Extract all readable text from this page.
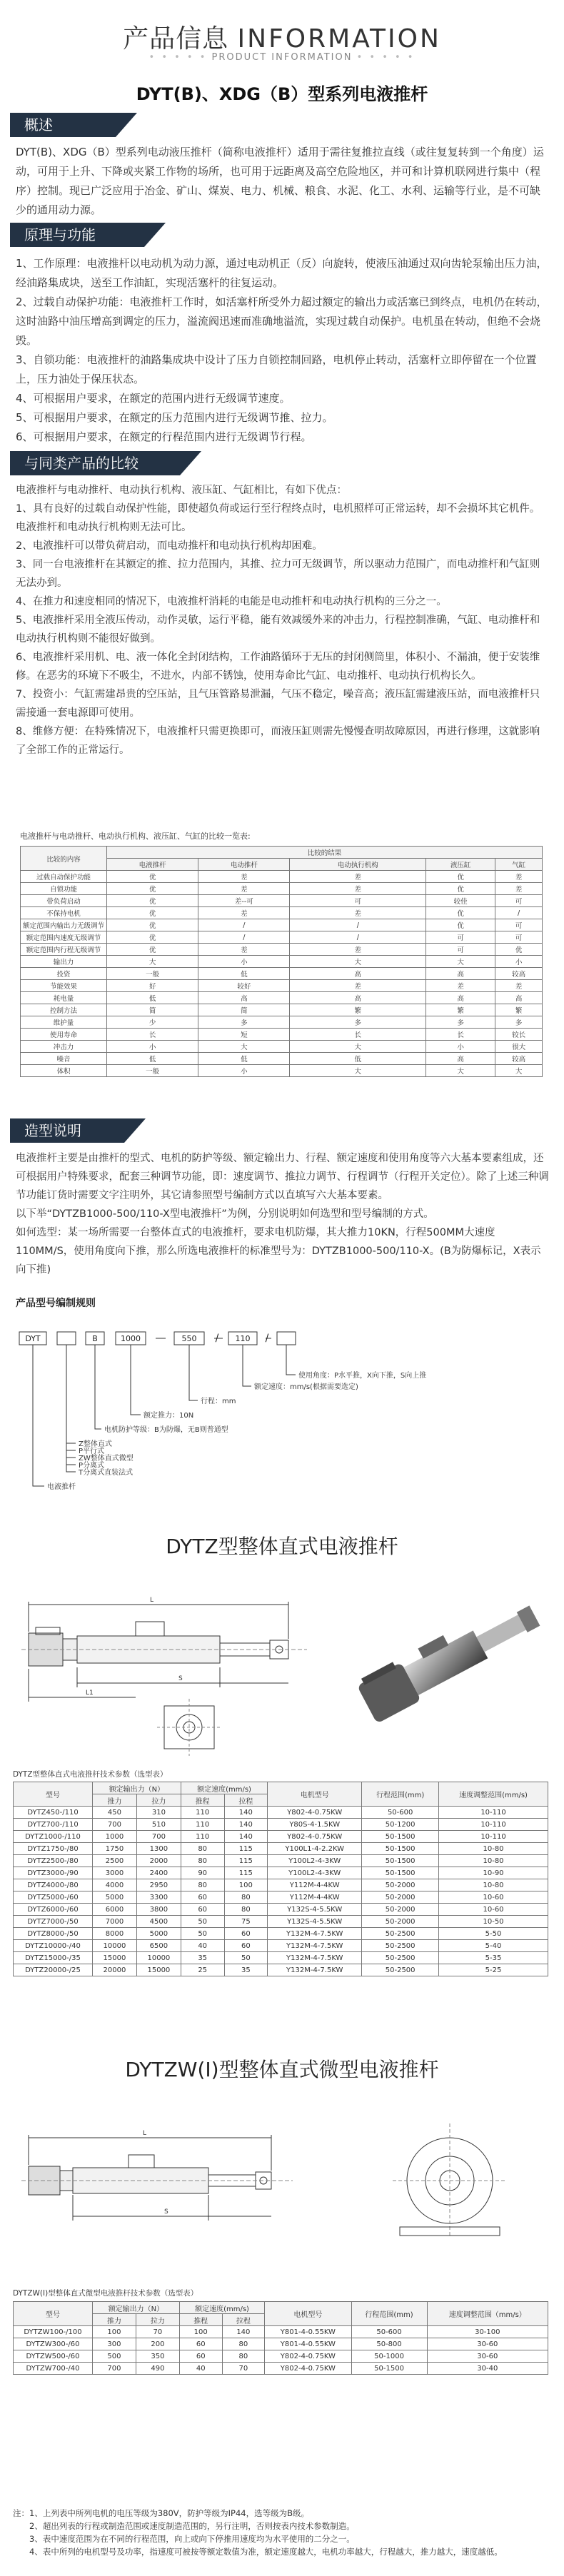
产品信息 INFORMATION
• • • • • PRODUCT INFORMATION • • • • •
DYT(B)、XDG（B）型系列电液推杆
概述

DYT(B)、XDG（B）型系列电动液压推杆（简称电液推杆）适用于需往复推拉直线（或往复复转到一个角度）运动，可用于上升、下降或夹紧工作物的场所，也可用于远距离及高空危险地区，并可和计算机联网进行集中（程序）控制。现已广泛应用于冶金、矿山、煤炭、电力、机械、粮食、水泥、化工、水利、运输等行业，是不可缺少的通用动力源。

原理与功能

1、工作原理：电液推杆以电动机为动力源，通过电动机正（反）向旋转，使液压油通过双向齿轮泵输出压力油，经油路集成块，送至工作油缸，实现活塞杆的往复运动。

2、过载自动保护功能：电液推杆工作时，如活塞杆所受外力超过额定的输出力或活塞已到终点，电机仍在转动，这时油路中油压增高到调定的压力，溢流阀迅速而准确地溢流，实现过载自动保护。电机虽在转动，但绝不会烧毁。

3、自锁功能：电液推杆的油路集成块中设计了压力自锁控制回路，电机停止转动，活塞杆立即停留在一个位置上，压力油处于保压状态。

4、可根据用户要求，在额定的范围内进行无级调节速度。

5、可根据用户要求，在额定的压力范围内进行无级调节推、拉力。

6、可根据用户要求，在额定的行程范围内进行无级调节行程。

与同类产品的比较

电液推杆与电动推杆、电动执行机构、液压缸、气缸相比，有如下优点：

1、具有良好的过载自动保护性能，即使超负荷或运行至行程终点时，电机照样可正常运转，却不会损坏其它机件。电液推杆和电动执行机构则无法可比。

2、电液推杆可以带负荷启动，而电动推杆和电动执行机构却困难。

3、同一台电液推杆在其额定的推、拉力范围内，其推、拉力可无级调节，所以驱动力范围广，而电动推杆和气缸则无法办到。

4、在推力和速度相同的情况下，电液推杆消耗的电能是电动推杆和电动执行机构的三分之一。

5、电液推杆采用全液压传动，动作灵敏，运行平稳，能有效减缓外来的冲击力，行程控制准确，气缸、电动推杆和电动执行机构则不能很好做到。

6、电液推杆采用机、电、液一体化全封闭结构，工作油路循环于无压的封闭侧筒里，体积小、不漏油，便于安装维修。在恶劣的环境下不吸尘，不进水，内部不锈蚀，使用寿命比气缸、电动推杆、电动执行机构长久。

7、投资小：气缸需建昂贵的空压站，且气压管路易泄漏，气压不稳定，噪音高；液压缸需建液压站，而电液推杆只需接通一套电源即可使用。

8、维修方便：在特殊情况下，电液推杆只需更换即可，而液压缸则需先慢慢查明故障原因，再进行修理，这就影响了全部工作的正常运行。

电液推杆与电动推杆、电动执行机构、液压缸、气缸的比较一览表:
比较的内容	比较的结果				
	电液推杆	电动推杆	电动执行机构	液压缸	气缸
过载自动保护功能	优	差	差	优	差
自锁功能	优	差	差	优	差
带负荷启动	优	差--可	可	较佳	可
不保持电机	优	差	差	优	/
额定范围内输出力无级调节	优	/	/	优	可
额定范围内速度无级调节	优	/	/	可	可
额定范围内行程无级调节	优	差	差	可	优
输出力	大	小	大	大	小
投资	一般	低	高	高	较高
节能效果	好	较好	差	差	差
耗电量	低	高	高	高	高
控制方法	简	简	繁	繁	繁
维护量	少	多	多	多	多
使用寿命	长	短	长	长	较长
冲击力	小	大	大	小	很大
噪音	低	低	低	高	较高
体积	一般	小	大	大	大
造型说明

电液推杆主要是由推杆的型式、电机的防护等级、额定输出力、行程、额定速度和使用角度等六大基本要素组成，还可根据用户特殊要求，配套三种调节功能，即：速度调节、推拉力调节、行程调节（行程开关定位）。除了上述三种调节功能订货时需要文字注明外，其它请参照型号编制方式以直填写六大基本要素。

以下举“DYTZB1000-500/110-X型电液推杆”为例，分别说明如何选型和型号编制的方式。

如何选型：某一场所需要一台整体直式的电液推杆，要求电机防爆，其大推力10KN，行程500MM大速度110MM/S，使用角度向下推，那么所选电液推杆的标准型号为：DYTZB1000-500/110-X。(B为防爆标记，X表示向下推)

产品型号编制规则
DYT	B	1000	550	110
/	/
使用角度：P水平推，X向下推，S向上推
额定速度：mm/s(根据需要选定)
行程：mm
额定推力：10N
电机防护等级：B为防爆，无B则普通型
Z整体直式
P平行式
ZW整体直式微型
P分离式
T分离式直装法式
电液推杆
DYTZ型整体直式电液推杆
L
S
L1
DYTZ型整体直式电液推杆技术参数（选型表）
型号	额定输出力（N）		额定速度(mm/s)		电机型号	行程范围(mm)	速度调整范围(mm/s)
	推力	拉力	推程	拉程			
DYTZ450-/110	450	310	110	140	Y802-4-0.75KW	50-600	10-110
DYTZ700-/110	700	510	110	140	Y80S-4-1.5KW	50-1200	10-110
DYTZ1000-/110	1000	700	110	140	Y802-4-0.75KW	50-1500	10-110
DYTZ1750-/80	1750	1300	80	115	Y100L1-4-2.2KW	50-1500	10-80
DYTZ2500-/80	2500	2000	80	115	Y100L2-4-3KW	50-1500	10-80
DYTZ3000-/90	3000	2400	90	115	Y100L2-4-3KW	50-1500	10-90
DYTZ4000-/80	4000	2950	80	100	Y112M-4-4KW	50-2000	10-80
DYTZ5000-/60	5000	3300	60	80	Y112M-4-4KW	50-2000	10-60
DYTZ6000-/60	6000	3800	60	80	Y132S-4-5.5KW	50-2000	10-60
DYTZ7000-/50	7000	4500	50	75	Y132S-4-5.5KW	50-2000	10-50
DYTZ8000-/50	8000	5000	50	60	Y132M-4-7.5KW	50-2500	5-50
DYTZ10000-/40	10000	6500	40	60	Y132M-4-7.5KW	50-2500	5-40
DYTZ15000-/35	15000	10000	35	50	Y132M-4-7.5KW	50-2500	5-35
DYTZ20000-/25	20000	15000	25	35	Y132M-4-7.5KW	50-2500	5-25
DYTZW(I)型整体直式微型电液推杆
L
S
DYTZW(I)型整体直式微型电液推杆技术参数（选型表）
型号	额定输出力（N）		额定速度(mm/s)		电机型号	行程范围(mm)	速度调整范围（mm/s）
	推力	拉力	推程	拉程			
DYTZW100-/100	100	70	100	140	Y801-4-0.55KW	50-600	30-100
DYTZW300-/60	300	200	60	80	Y801-4-0.55KW	50-800	30-60
DYTZW500-/60	500	350	60	80	Y802-4-0.75KW	50-1000	30-60
DYTZW700-/40	700	490	40	70	Y802-4-0.75KW	50-1500	30-40
注：1、上列表中所列电机的电压等级为380V，防护等级为IP44，选等级为B级。
　　2、超出列表的行程或制造范围或速度制造范围的，另行注明，否则按表内技术参数制造。
　　3、表中速度范围为在不同的行程范围，向上或向下停推用速度均为水平使用的二分之一。
　　4、表中所列的电机型号及功率，指速度可被按等额定数值为准，额定速度越大，电机功率越大，行程越大，推力越大，速度越低。
